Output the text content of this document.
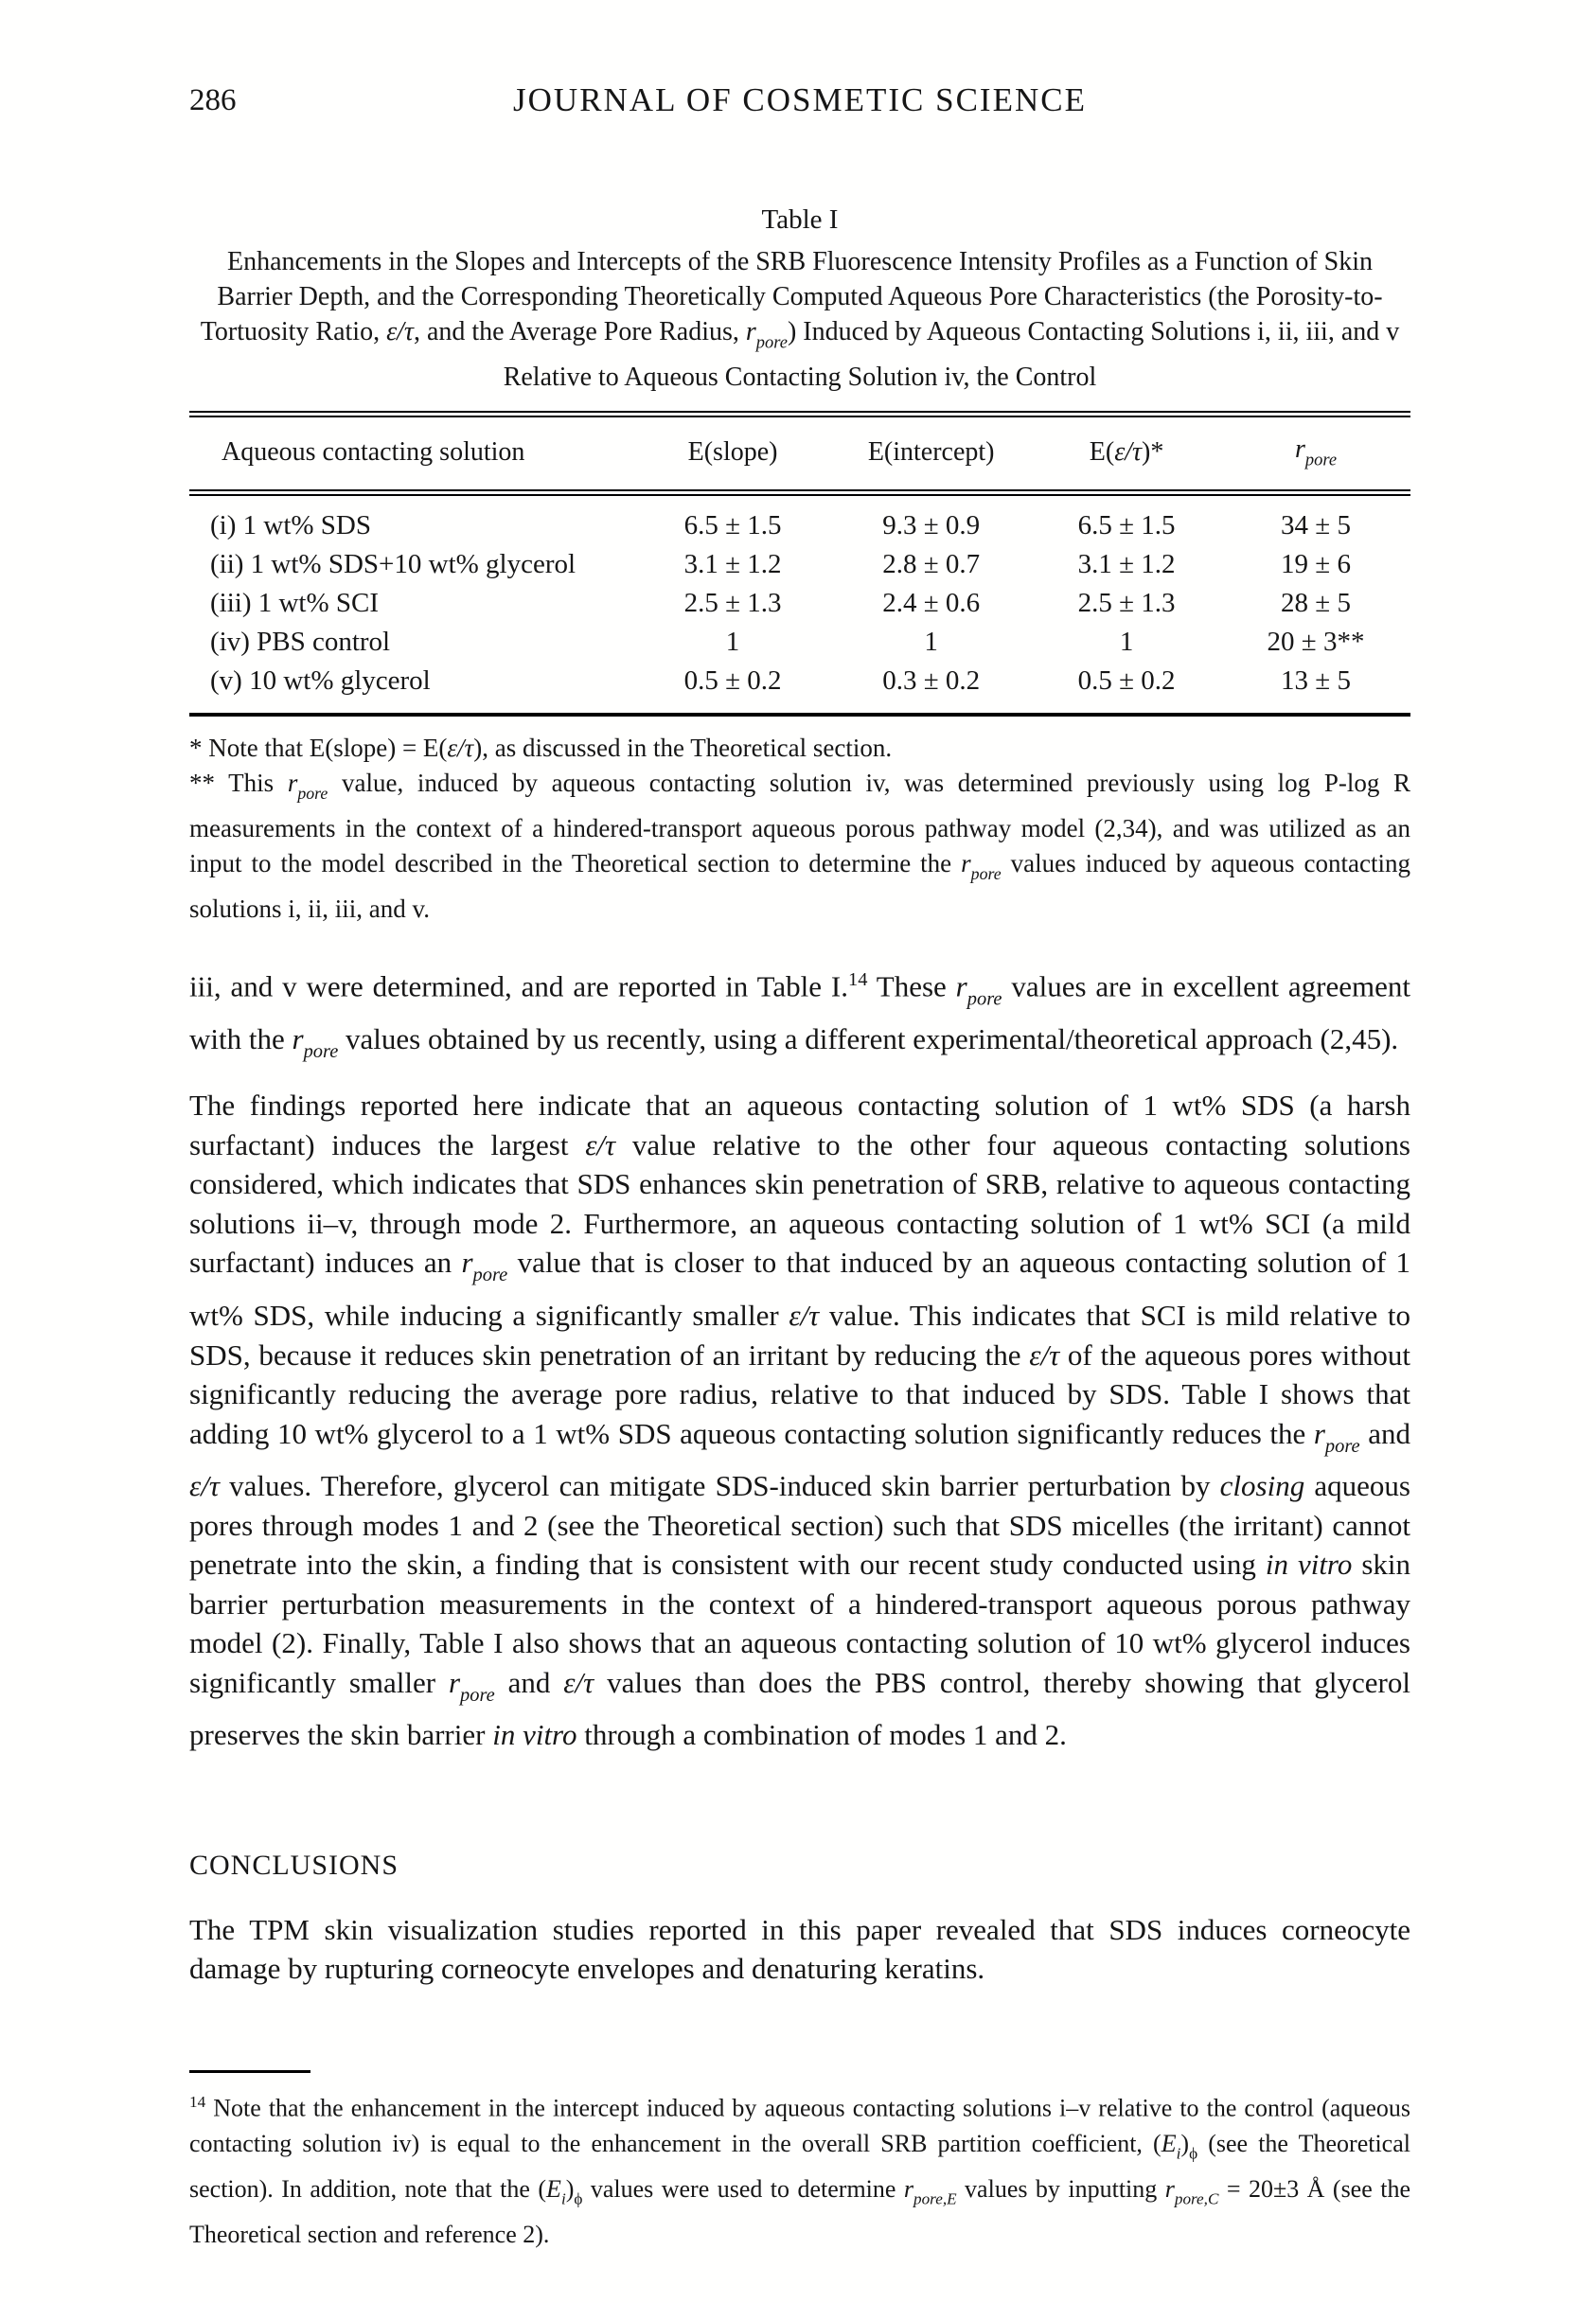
286	JOURNAL OF COSMETIC SCIENCE
Table I
Enhancements in the Slopes and Intercepts of the SRB Fluorescence Intensity Profiles as a Function of Skin Barrier Depth, and the Corresponding Theoretically Computed Aqueous Pore Characteristics (the Porosity-to-Tortuosity Ratio, ε/τ, and the Average Pore Radius, $r_{pore}$) Induced by Aqueous Contacting Solutions i, ii, iii, and v Relative to Aqueous Contacting Solution iv, the Control
Aqueous contacting solution	E(slope)	E(intercept)	E(ε/τ)*	$r_{pore}$
(i) 1 wt% SDS	6.5 ± 1.5	9.3 ± 0.9	6.5 ± 1.5	34 ± 5
(ii) 1 wt% SDS+10 wt% glycerol	3.1 ± 1.2	2.8 ± 0.7	3.1 ± 1.2	19 ± 6
(iii) 1 wt% SCI	2.5 ± 1.3	2.4 ± 0.6	2.5 ± 1.3	28 ± 5
(iv) PBS control	1	1	1	20 ± 3**
(v) 10 wt% glycerol	0.5 ± 0.2	0.3 ± 0.2	0.5 ± 0.2	13 ± 5

* Note that E(slope) = E(ε/τ), as discussed in the Theoretical section.

** This $r_{pore}$ value, induced by aqueous contacting solution iv, was determined previously using log P-log R measurements in the context of a hindered-transport aqueous porous pathway model (2,34), and was utilized as an input to the model described in the Theoretical section to determine the $r_{pore}$ values induced by aqueous contacting solutions i, ii, iii, and v.

iii, and v were determined, and are reported in Table I.$^{14}$ These $r_{pore}$ values are in excellent agreement with the $r_{pore}$ values obtained by us recently, using a different experimental/theoretical approach (2,45).

The findings reported here indicate that an aqueous contacting solution of 1 wt% SDS (a harsh surfactant) induces the largest ε/τ value relative to the other four aqueous contacting solutions considered, which indicates that SDS enhances skin penetration of SRB, relative to aqueous contacting solutions ii–v, through mode 2. Furthermore, an aqueous contacting solution of 1 wt% SCI (a mild surfactant) induces an $r_{pore}$ value that is closer to that induced by an aqueous contacting solution of 1 wt% SDS, while inducing a significantly smaller ε/τ value. This indicates that SCI is mild relative to SDS, because it reduces skin penetration of an irritant by reducing the ε/τ of the aqueous pores without significantly reducing the average pore radius, relative to that induced by SDS. Table I shows that adding 10 wt% glycerol to a 1 wt% SDS aqueous contacting solution significantly reduces the $r_{pore}$ and ε/τ values. Therefore, glycerol can mitigate SDS-induced skin barrier perturbation by closing aqueous pores through modes 1 and 2 (see the Theoretical section) such that SDS micelles (the irritant) cannot penetrate into the skin, a finding that is consistent with our recent study conducted using in vitro skin barrier perturbation measurements in the context of a hindered-transport aqueous porous pathway model (2). Finally, Table I also shows that an aqueous contacting solution of 10 wt% glycerol induces significantly smaller $r_{pore}$ and ε/τ values than does the PBS control, thereby showing that glycerol preserves the skin barrier in vitro through a combination of modes 1 and 2.

CONCLUSIONS

The TPM skin visualization studies reported in this paper revealed that SDS induces corneocyte damage by rupturing corneocyte envelopes and denaturing keratins.

$^{14}$ Note that the enhancement in the intercept induced by aqueous contacting solutions i–v relative to the control (aqueous contacting solution iv) is equal to the enhancement in the overall SRB partition coefficient, $(E_i)_\phi$ (see the Theoretical section). In addition, note that the $(E_i)_\phi$ values were used to determine $r_{pore,E}$ values by inputting $r_{pore,C} = 20\pm 3$ Å (see the Theoretical section and reference 2).
